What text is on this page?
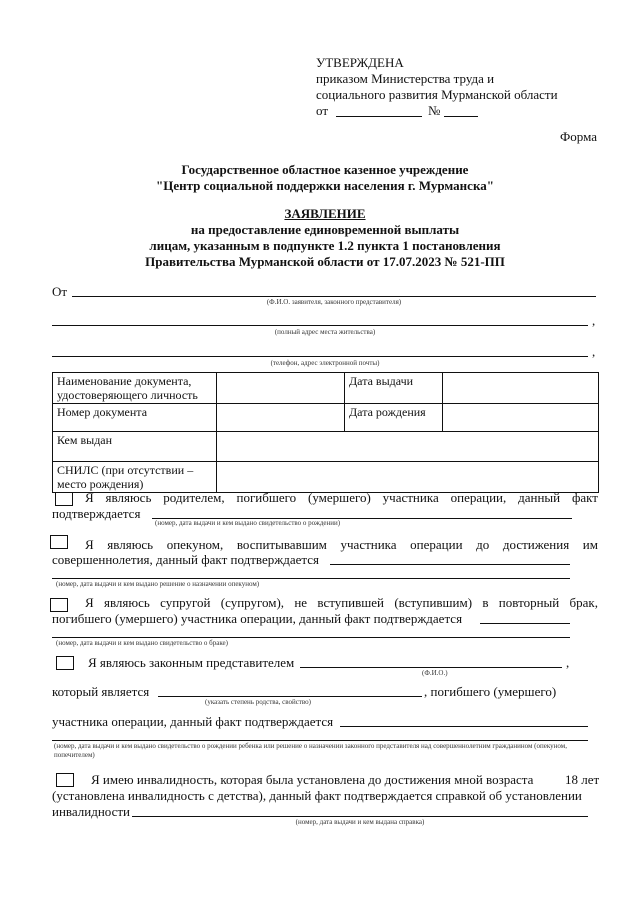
УТВЕРЖДЕНА
приказом Министерства труда и
социального развития Мурманской области
от	№
Форма
Государственное областное казенное учреждение
"Центр социальной поддержки населения г. Мурманска"
ЗАЯВЛЕНИЕ
на предоставление единовременной выплаты
лицам, указанным в подпункте 1.2 пункта 1 постановления
Правительства Мурманской области от 17.07.2023 № 521-ПП
От
(Ф.И.О. заявителя, законного представителя)
,
(полный адрес места жительства)
,
(телефон, адрес электронной почты)
Наименование документа, удостоверяющего личность		Дата выдачи	
Номер документа		Дата рождения	
Кем выдан			
СНИЛС (при отсутствии – место рождения)			
Я являюсь родителем, погибшего (умершего) участника операции, данный факт
подтверждается
(номер, дата выдачи и кем выдано свидетельство о рождении)
Я являюсь опекуном, воспитывавшим участника операции до достижения им
совершеннолетия, данный факт подтверждается
(номер, дата выдачи и кем выдано решение о назначении опекуном)
Я являюсь супругой (супругом), не вступившей (вступившим) в повторный брак,
погибшего (умершего) участника операции, данный факт подтверждается
(номер, дата выдачи и кем выдано свидетельство о браке)
Я являюсь законным представителем	,
(Ф.И.О.)
который является	, погибшего (умершего)
(указать степень родства, свойство)
участника операции, данный факт подтверждается
(номер, дата выдачи и кем выдано свидетельство о рождении ребенка или решение о назначении законного представителя над совершеннолетним гражданином (опекуном, попечителем)
Я имею инвалидность, которая была установлена до достижения мной возраста 18 лет
(установлена инвалидность с детства), данный факт подтверждается справкой об установлении
инвалидности
(номер, дата выдачи и кем выдана справка)
